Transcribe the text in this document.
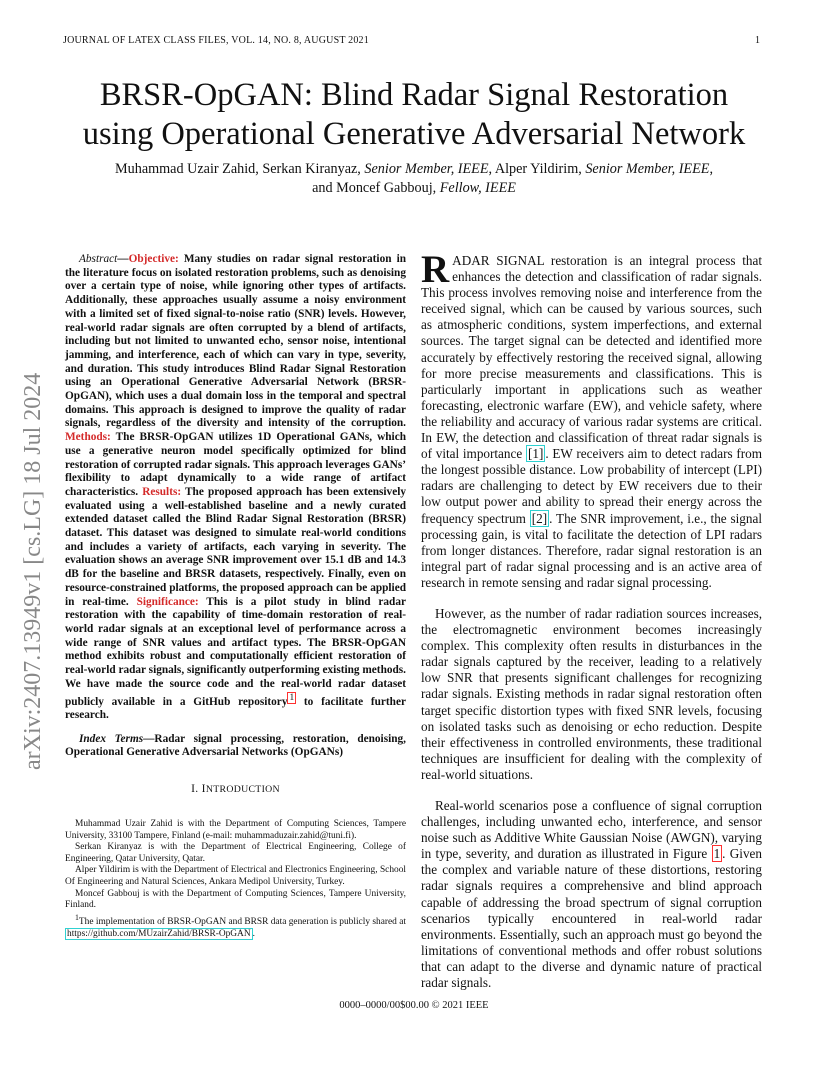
JOURNAL OF LATEX CLASS FILES, VOL. 14, NO. 8, AUGUST 2021	1
BRSR-OpGAN: Blind Radar Signal Restoration
using Operational Generative Adversarial Network
Muhammad Uzair Zahid, Serkan Kiranyaz, Senior Member, IEEE, Alper Yildirim, Senior Member, IEEE,
and Moncef Gabbouj, Fellow, IEEE
arXiv:2407.13949v1 [cs.LG] 18 Jul 2024

Abstract—Objective: Many studies on radar signal restoration in the literature focus on isolated restoration problems, such as denoising over a certain type of noise, while ignoring other types of artifacts. Additionally, these approaches usually assume a noisy environment with a limited set of fixed signal-to-noise ratio (SNR) levels. However, real-world radar signals are often corrupted by a blend of artifacts, including but not limited to unwanted echo, sensor noise, intentional jamming, and interference, each of which can vary in type, severity, and duration. This study introduces Blind Radar Signal Restoration using an Operational Generative Adversarial Network (BRSR-OpGAN), which uses a dual domain loss in the temporal and spectral domains. This approach is designed to improve the quality of radar signals, regardless of the diversity and intensity of the corruption. Methods: The BRSR-OpGAN utilizes 1D Operational GANs, which use a generative neuron model specifically optimized for blind restoration of corrupted radar signals. This approach leverages GANs’ flexibility to adapt dynamically to a wide range of artifact characteristics. Results: The proposed approach has been extensively evaluated using a well-established baseline and a newly curated extended dataset called the Blind Radar Signal Restoration (BRSR) dataset. This dataset was designed to simulate real-world conditions and includes a variety of artifacts, each varying in severity. The evaluation shows an average SNR improvement over 15.1 dB and 14.3 dB for the baseline and BRSR datasets, respectively. Finally, even on resource-constrained platforms, the proposed approach can be applied in real-time. Significance: This is a pilot study in blind radar restoration with the capability of time-domain restoration of real-world radar signals at an exceptional level of performance across a wide range of SNR values and artifact types. The BRSR-OpGAN method exhibits robust and computationally efficient restoration of real-world radar signals, significantly outperforming existing methods. We have made the source code and the real-world radar dataset publicly available in a GitHub repository $^1$ to facilitate further research.

Index Terms—Radar signal processing, restoration, denoising, Operational Generative Adversarial Networks (OpGANs)

I. INTRODUCTION

Muhammad Uzair Zahid is with the Department of Computing Sciences, Tampere University, 33100 Tampere, Finland (e-mail: muhammaduzair.zahid@tuni.fi).

Serkan Kiranyaz is with the Department of Electrical Engineering, College of Engineering, Qatar University, Qatar.

Alper Yildirim is with the Department of Electrical and Electronics Engineering, School Of Engineering and Natural Sciences, Ankara Medipol University, Turkey.

Moncef Gabbouj is with the Department of Computing Sciences, Tampere University, Finland.

$^1$The implementation of BRSR-OpGAN and BRSR data generation is publicly shared at https://github.com/MUzairZahid/BRSR-OpGAN .

RADAR SIGNAL restoration is an integral process that enhances the detection and classification of radar signals. This process involves removing noise and interference from the received signal, which can be caused by various sources, such as atmospheric conditions, system imperfections, and external sources. The target signal can be detected and identified more accurately by effectively restoring the received signal, allowing for more precise measurements and classifications. This is particularly important in applications such as weather forecasting, electronic warfare (EW), and vehicle safety, where the reliability and accuracy of various radar systems are critical. In EW, the detection and classification of threat radar signals is of vital importance [1] . EW receivers aim to detect radars from the longest possible distance. Low probability of intercept (LPI) radars are challenging to detect by EW receivers due to their low output power and ability to spread their energy across the frequency spectrum [2] . The SNR improvement, i.e., the signal processing gain, is vital to facilitate the detection of LPI radars from longer distances. Therefore, radar signal restoration is an integral part of radar signal processing and is an active area of research in remote sensing and radar signal processing.

However, as the number of radar radiation sources increases, the electromagnetic environment becomes increasingly complex. This complexity often results in disturbances in the radar signals captured by the receiver, leading to a relatively low SNR that presents significant challenges for recognizing radar signals. Existing methods in radar signal restoration often target specific distortion types with fixed SNR levels, focusing on isolated tasks such as denoising or echo reduction. Despite their effectiveness in controlled environments, these traditional techniques are insufficient for dealing with the complexity of real-world situations.

Real-world scenarios pose a confluence of signal corruption challenges, including unwanted echo, interference, and sensor noise such as Additive White Gaussian Noise (AWGN), varying in type, severity, and duration as illustrated in Figure 1 . Given the complex and variable nature of these distortions, restoring radar signals requires a comprehensive and blind approach capable of addressing the broad spectrum of signal corruption scenarios typically encountered in real-world radar environments. Essentially, such an approach must go beyond the limitations of conventional methods and offer robust solutions that can adapt to the diverse and dynamic nature of practical radar signals.

0000–0000/00$00.00 © 2021 IEEE
